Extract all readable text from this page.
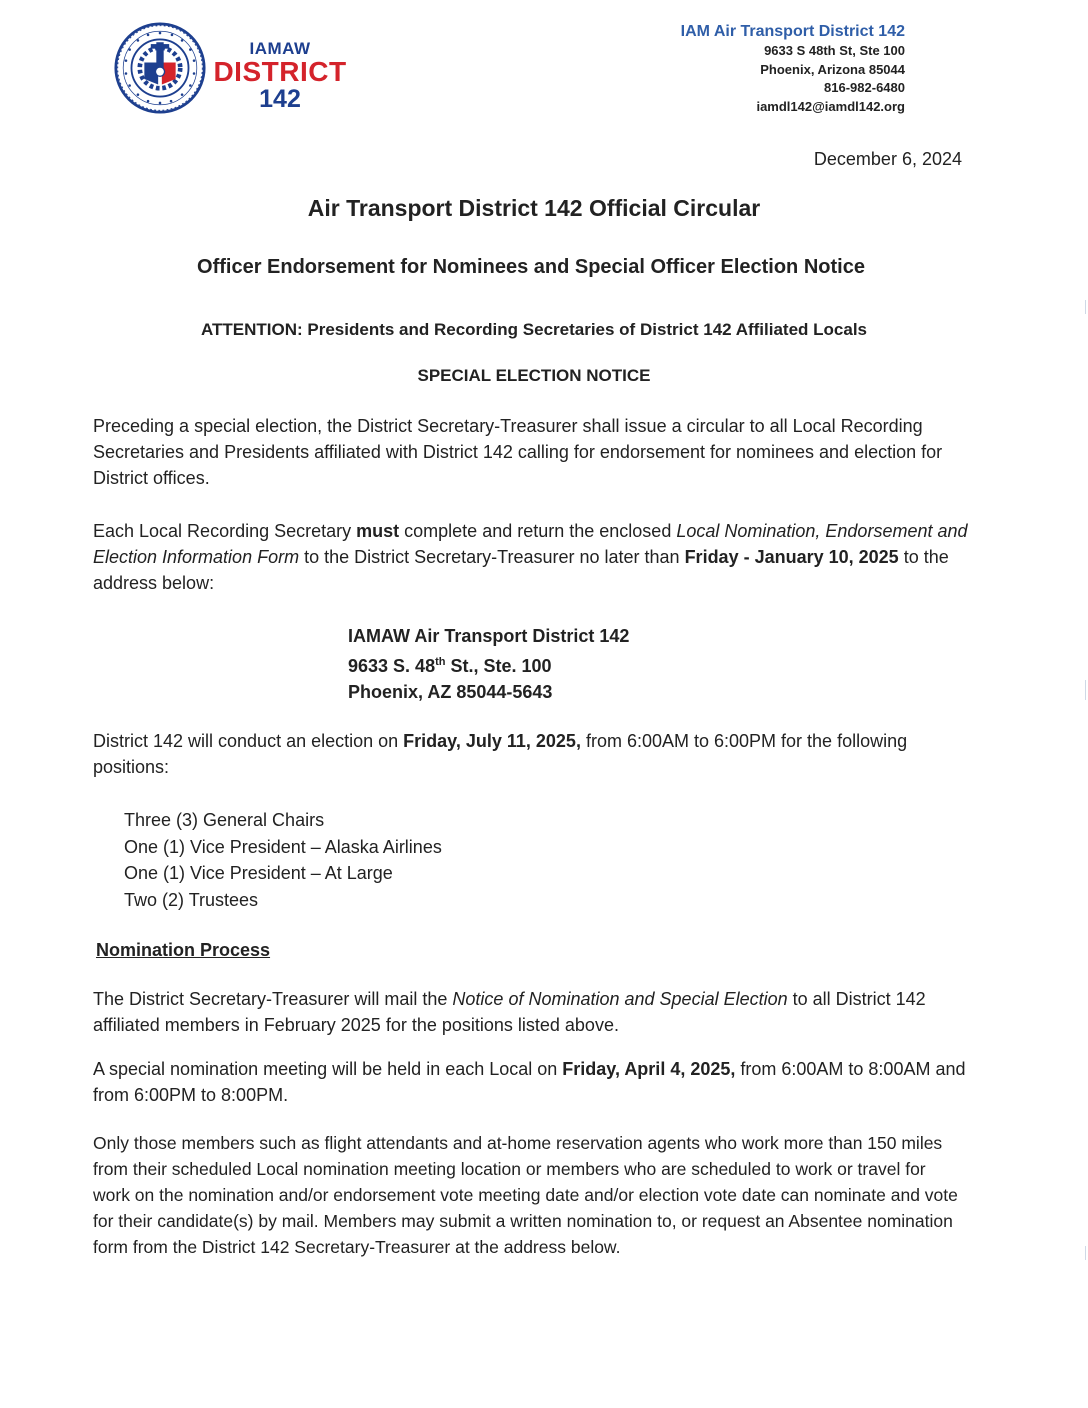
IAMAW
DISTRICT
142
IAM Air Transport District 142
9633 S 48th St, Ste 100
Phoenix, Arizona 85044
816-982-6480
iamdl142@iamdl142.org
December 6, 2024
Air Transport District 142 Official Circular
Officer Endorsement for Nominees and Special Officer Election Notice
ATTENTION: Presidents and Recording Secretaries of District 142 Affiliated Locals
SPECIAL ELECTION NOTICE
Preceding a special election, the District Secretary-Treasurer shall issue a circular to all Local Recording Secretaries and Presidents affiliated with District 142 calling for endorsement for nominees and election for District offices.
Each Local Recording Secretary must complete and return the enclosed Local Nomination, Endorsement and Election Information Form to the District Secretary-Treasurer no later than Friday - January 10, 2025 to the address below:
IAMAW Air Transport District 142
9633 S. 48th St., Ste. 100
Phoenix, AZ 85044-5643
District 142 will conduct an election on Friday, July 11, 2025, from 6:00AM to 6:00PM for the following positions:
Three (3) General Chairs
One (1) Vice President – Alaska Airlines
One (1) Vice President – At Large
Two (2) Trustees
Nomination Process
The District Secretary-Treasurer will mail the Notice of Nomination and Special Election to all District 142 affiliated members in February 2025 for the positions listed above.
A special nomination meeting will be held in each Local on Friday, April 4, 2025, from 6:00AM to 8:00AM and from 6:00PM to 8:00PM.
Only those members such as flight attendants and at-home reservation agents who work more than 150 miles from their scheduled Local nomination meeting location or members who are scheduled to work or travel for work on the nomination and/or endorsement vote meeting date and/or election vote date can nominate and vote for their candidate(s) by mail. Members may submit a written nomination to, or request an Absentee nomination form from the District 142 Secretary-Treasurer at the address below.
